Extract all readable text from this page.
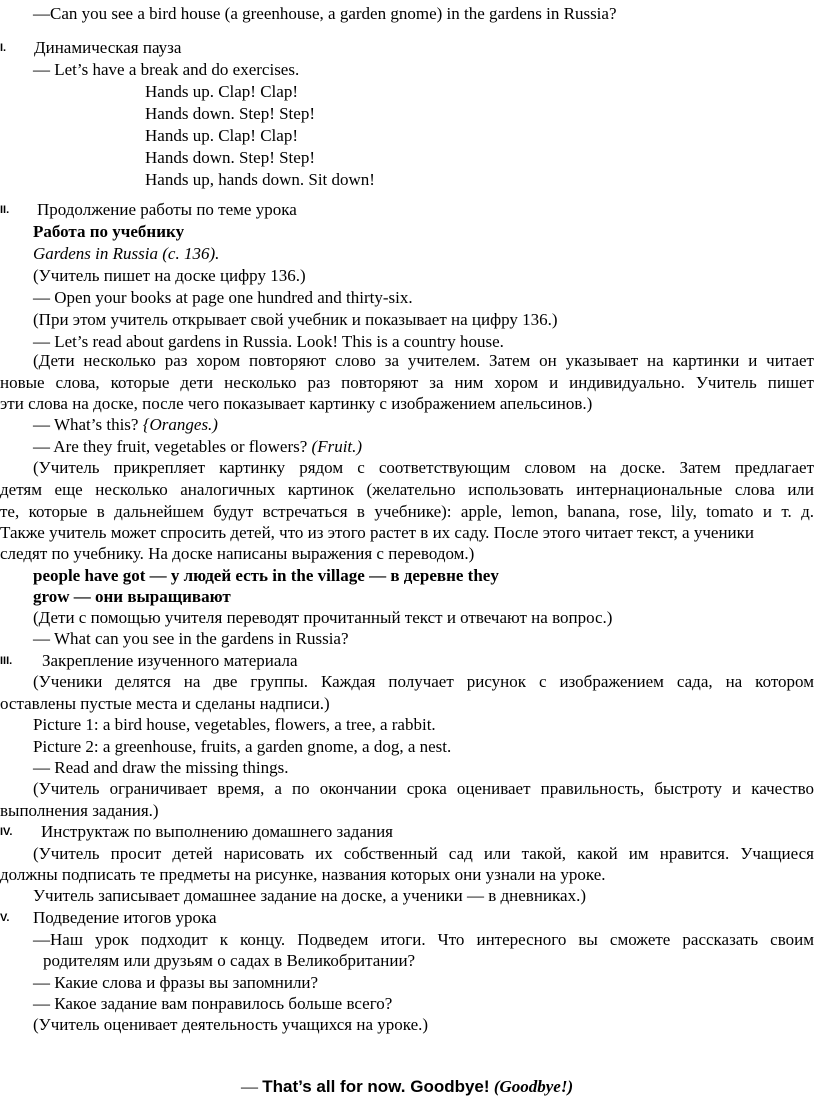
—Can you see a bird house (a greenhouse, a garden gnome) in the gardens in Russia?
I. Динамическая пауза
— Let’s have a break and do exercises.
Hands up. Clap! Clap!
Hands down. Step! Step!
Hands up. Clap! Clap!
Hands down. Step! Step!
Hands up, hands down. Sit down!
II. Продолжение работы по теме урока
Работа по учебнику
Gardens in Russia (с. 136).
(Учитель пишет на доске цифру 136.)
— Open your books at page one hundred and thirty-six.
(При этом учитель открывает свой учебник и показывает на цифру 136.)
— Let’s read about gardens in Russia. Look! This is a country house.
(Дети несколько раз хором повторяют слово за учителем. Затем он указывает на картинки и читает
новые слова, которые дети несколько раз повторяют за ним хором и индивидуально. Учитель пишет
эти слова на доске, после чего показывает картинку с изображением апельсинов.)
— What’s this? {Oranges.)
— Are they fruit, vegetables or flowers? (Fruit.)
(Учитель прикрепляет картинку рядом с соответствующим словом на доске. Затем предлагает
детям еще несколько аналогичных картинок (желательно использовать интернациональные слова или
те, которые в дальнейшем будут встречаться в учебнике): apple, lemon, banana, rose, lily, tomato и т. д.
Также учитель может спросить детей, что из этого растет в их саду. После этого читает текст, а ученики
следят по учебнику. На доске написаны выражения с переводом.)
people have got — у людей есть in the village — в деревне they
grow — они выращивают
(Дети с помощью учителя переводят прочитанный текст и отвечают на вопрос.)
— What can you see in the gardens in Russia?
III. Закрепление изученного материала
(Ученики делятся на две группы. Каждая получает рисунок с изображением сада, на котором
оставлены пустые места и сделаны надписи.)
Picture 1: a bird house, vegetables, flowers, a tree, a rabbit.
Picture 2: a greenhouse, fruits, a garden gnome, a dog, a nest.
— Read and draw the missing things.
(Учитель ограничивает время, а по окончании срока оценивает правильность, быстроту и качество
выполнения задания.)
IV. Инструктаж по выполнению домашнего задания
(Учитель просит детей нарисовать их собственный сад или такой, какой им нравится. Учащиеся
должны подписать те предметы на рисунке, названия которых они узнали на уроке.
Учитель записывает домашнее задание на доске, а ученики — в дневниках.)
V. Подведение итогов урока
—Наш урок подходит к концу. Подведем итоги. Что интересного вы сможете рассказать своим
родителям или друзьям о садах в Великобритании?
— Какие слова и фразы вы запомнили?
— Какое задание вам понравилось больше всего?
(Учитель оценивает деятельность учащихся на уроке.)
— That’s all for now. Goodbye! (Goodbye!)
